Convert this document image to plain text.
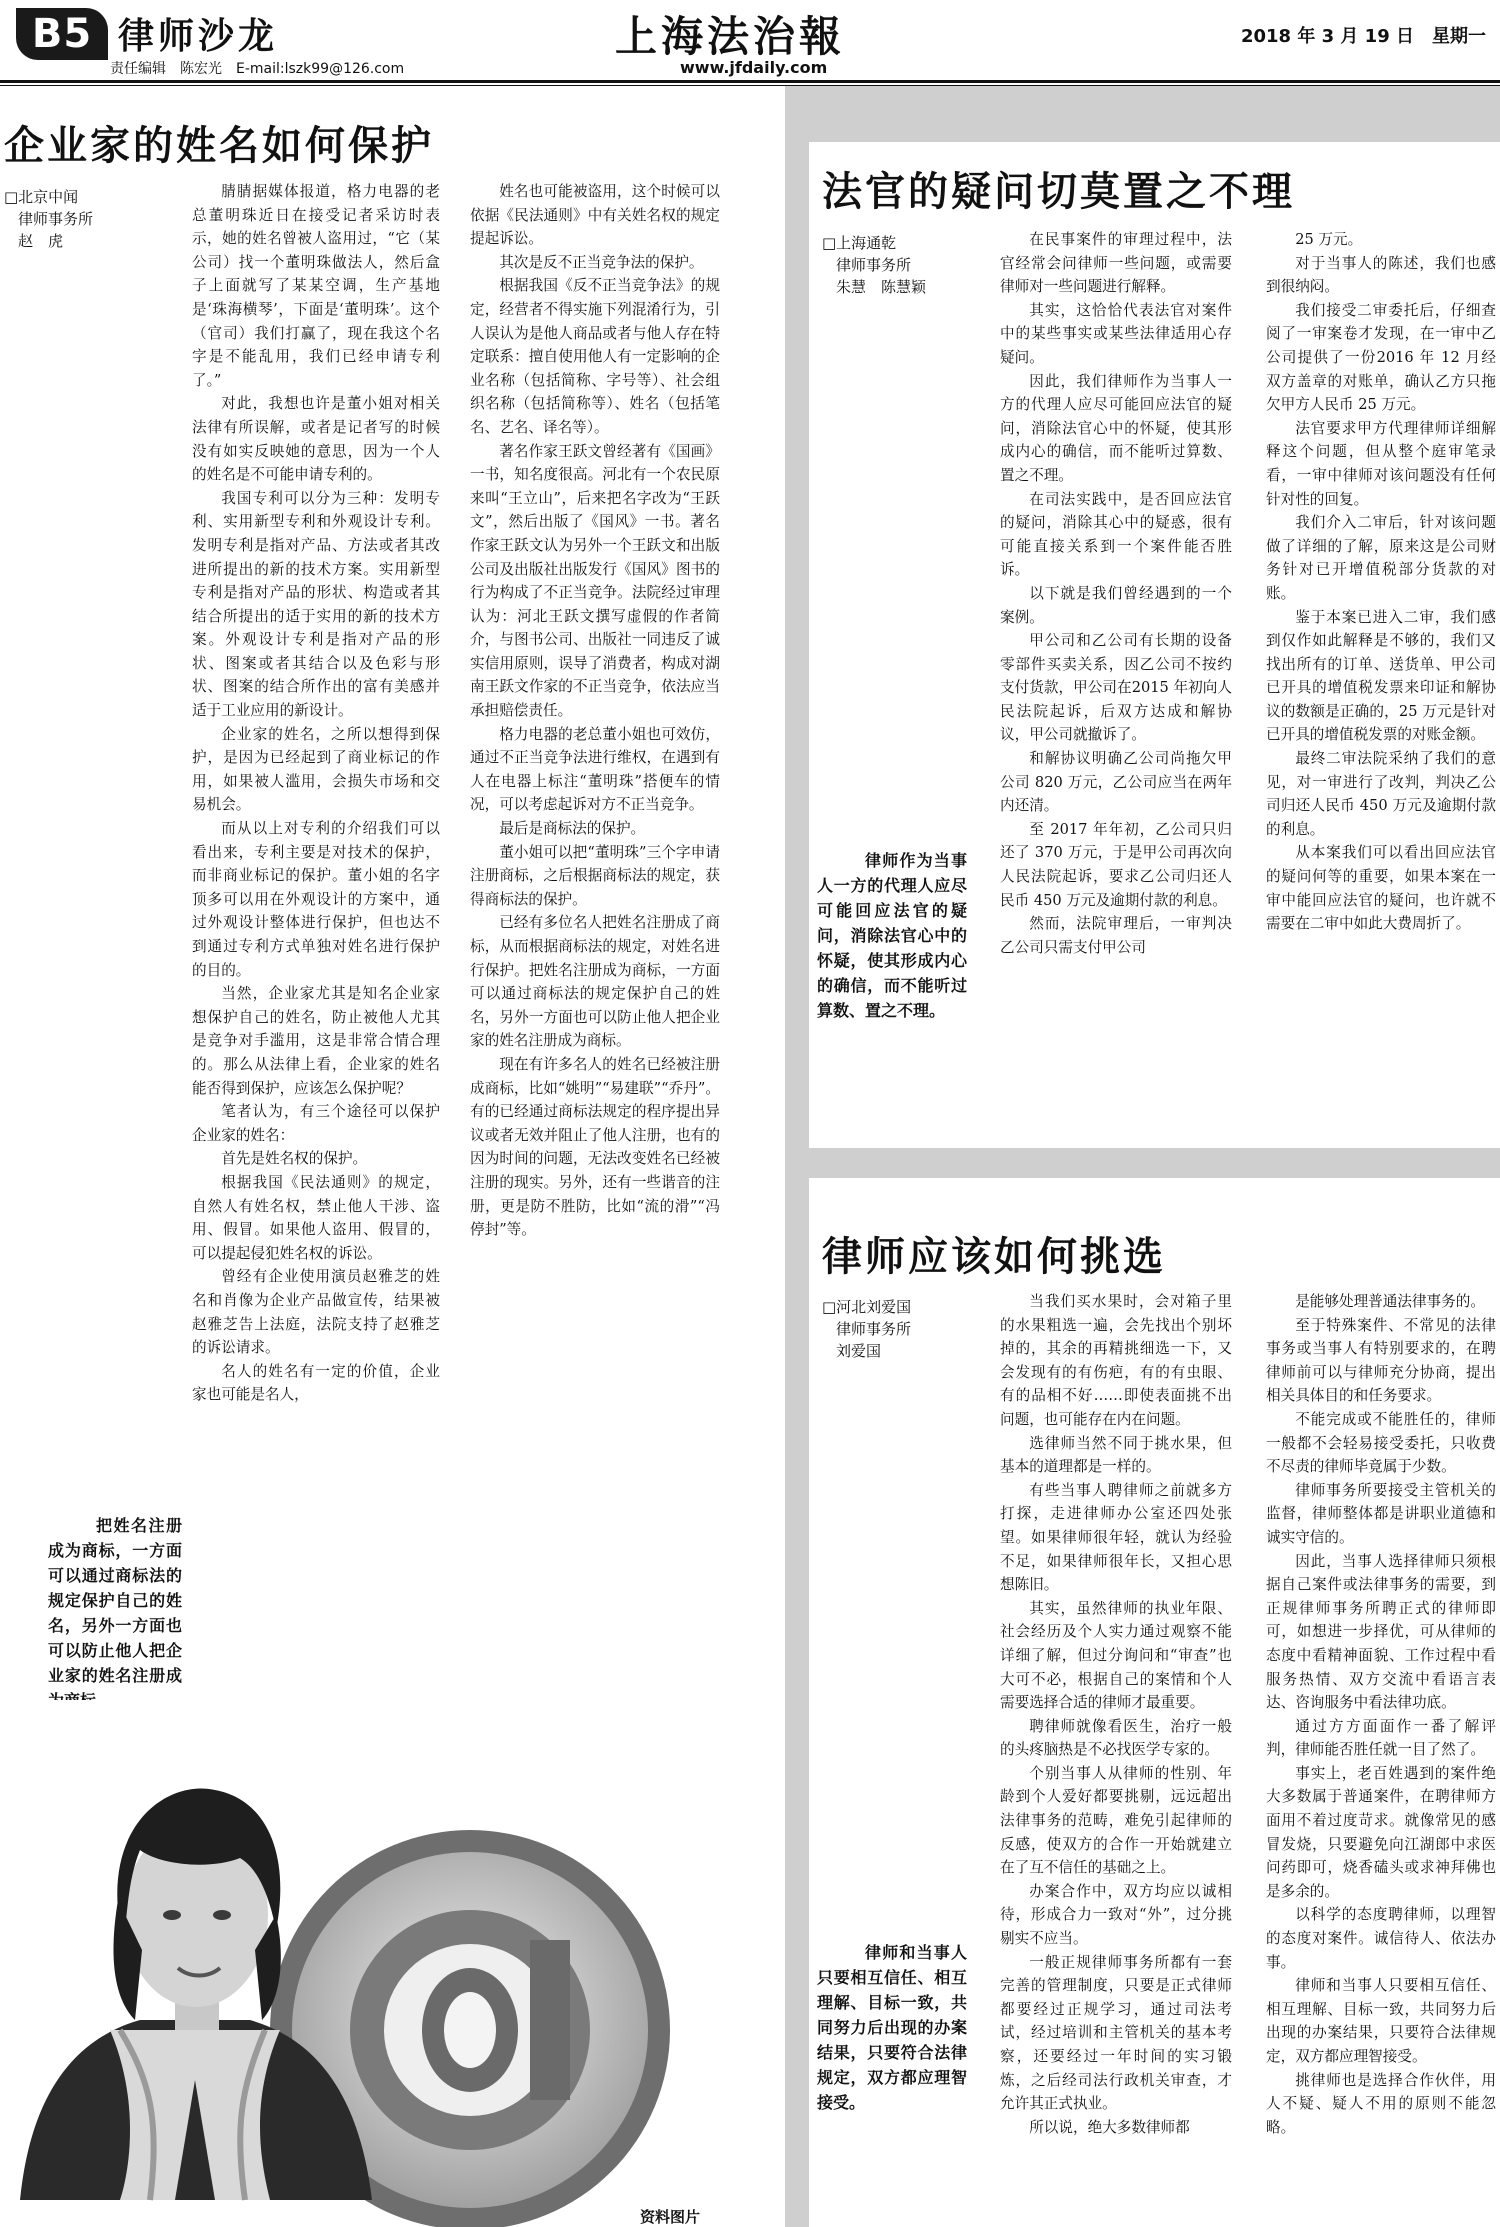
B5 律师沙龙
责任编辑　陈宏光　E-mail:lszk99@126.com
上海法治報
www.jfdaily.com
2018 年 3 月 19 日　星期一
企业家的姓名如何保护
□北京中闻
律师事务所
赵　虎
把姓名注册成为商标，一方面可以通过商标法的规定保护自己的姓名，另外一方面也可以防止他人把企业家的姓名注册成

腈腈据媒体报道，格力电器的老总董明珠近日在接受记者采访时表示，她的姓名曾被人盗用过，“它（某公司）找一个董明珠做法人，然后盒子上面就写了某某空调，生产基地是‘珠海横琴’，下面是‘董明珠’。这个（官司）我们打赢了，现在我这个名字是不能乱用，我们已经申请专利了。”

对此，我想也许是董小姐对相关法律有所误解，或者是记者写的时候没有如实反映她的意思，因为一个人的姓名是不可能申请专利的。

我国专利可以分为三种：发明专利、实用新型专利和外观设计专利。发明专利是指对产品、方法或者其改进所提出的新的技术方案。实用新型专利是指对产品的形状、构造或者其结合所提出的适于实用的新的技术方案。外观设计专利是指对产品的形状、图案或者其结合以及色彩与形状、图案的结合所作出的富有美感并适于工业应用的新设计。

企业家的姓名，之所以想得到保护，是因为已经起到了商业标记的作用，如果被人滥用，会损失市场和交易机会。

而从以上对专利的介绍我们可以看出来，专利主要是对技术的保护，而非商业标记的保护。董小姐的名字顶多可以用在外观设计的方案中，通过外观设计整体进行保护，但也达不到通过专利方式单独对姓名进行保护的目的。

当然，企业家尤其是知名企业家想保护自己的姓名，防止被他人尤其是竞争对手滥用，这是非常合情合理的。那么从法律上看，企业家的姓名能否得到保护，应该怎么保护呢？

笔者认为，有三个途径可以保护企业家的姓名：

首先是姓名权的保护。

根据我国《民法通则》的规定，自然人有姓名权，禁止他人干涉、盗用、假冒。如果他人盗用、假冒的，可以提起侵犯姓名权的诉讼。

曾经有企业使用演员赵雅芝的姓名和肖像为企业产品做宣传，结果被赵雅芝告上法庭，法院支持了赵雅芝的诉讼请求。

名人的姓名有一定的价值，企业家也可能是名人，

姓名也可能被盗用，这个时候可以依据《民法通则》中有关姓名权的规定提起诉讼。

其次是反不正当竞争法的保护。

根据我国《反不正当竞争法》的规定，经营者不得实施下列混淆行为，引人误认为是他人商品或者与他人存在特定联系：擅自使用他人有一定影响的企业名称（包括简称、字号等）、社会组织名称（包括简称等）、姓名（包括笔名、艺名、译名等）。

著名作家王跃文曾经著有《国画》一书，知名度很高。河北有一个农民原来叫“王立山”，后来把名字改为“王跃文”，然后出版了《国风》一书。著名作家王跃文认为另外一个王跃文和出版公司及出版社出版发行《国风》图书的行为构成了不正当竞争。法院经过审理认为：河北王跃文撰写虚假的作者简介，与图书公司、出版社一同违反了诚实信用原则，误导了消费者，构成对湖南王跃文作家的不正当竞争，依法应当承担赔偿责任。

格力电器的老总董小姐也可效仿，通过不正当竞争法进行维权，在遇到有人在电器上标注“董明珠”搭便车的情况，可以考虑起诉对方不正当竞争。

最后是商标法的保护。

董小姐可以把“董明珠”三个字申请注册商标，之后根据商标法的规定，获得商标法的保护。

已经有多位名人把姓名注册成了商标，从而根据商标法的规定，对姓名进行保护。把姓名注册成为商标，一方面可以通过商标法的规定保护自己的姓名，另外一方面也可以防止他人把企业家的姓名注册成为商标。

现在有许多名人的姓名已经被注册成商标，比如“姚明”“易建联”“乔丹”。有的已经通过商标法规定的程序提出异议或者无效并阻止了他人注册，也有的因为时间的问题，无法改变姓名已经被注册的现实。另外，还有一些谐音的注册，更是防不胜防，比如“流的滑”“冯停封”等。

资料图片
法官的疑问切莫置之不理
□上海通乾
律师事务所
朱慧　陈慧颖
律师作为当事人一方的代理人应尽可能回应法官的疑问，消除法官心中的怀疑，使其形成内心的确信，而不能听过算数、置之不理。

在民事案件的审理过程中，法官经常会问律师一些问题，或需要律师对一些问题进行解释。

其实，这恰恰代表法官对案件中的某些事实或某些法律适用心存疑问。

因此，我们律师作为当事人一方的代理人应尽可能回应法官的疑问，消除法官心中的怀疑，使其形成内心的确信，而不能听过算数、置之不理。

在司法实践中，是否回应法官的疑问，消除其心中的疑惑，很有可能直接关系到一个案件能否胜诉。

以下就是我们曾经遇到的一个案例。

甲公司和乙公司有长期的设备零部件买卖关系，因乙公司不按约支付货款，甲公司在2015 年初向人民法院起诉，后双方达成和解协议，甲公司就撤诉了。

和解协议明确乙公司尚拖欠甲公司 820 万元，乙公司应当在两年内还清。

至 2017 年年初，乙公司只归还了 370 万元，于是甲公司再次向人民法院起诉，要求乙公司归还人民币 450 万元及逾期付款的利息。

然而，法院审理后，一审判决乙公司只需支付甲公司

25 万元。

对于当事人的陈述，我们也感到很纳闷。

我们接受二审委托后，仔细查阅了一审案卷才发现，在一审中乙公司提供了一份2016 年 12 月经双方盖章的对账单，确认乙方只拖欠甲方人民币 25 万元。

法官要求甲方代理律师详细解释这个问题，但从整个庭审笔录看，一审中律师对该问题没有任何针对性的回复。

我们介入二审后，针对该问题做了详细的了解，原来这是公司财务针对已开增值税部分货款的对账。

鉴于本案已进入二审，我们感到仅作如此解释是不够的，我们又找出所有的订单、送货单、甲公司已开具的增值税发票来印证和解协议的数额是正确的，25 万元是针对已开具的增值税发票的对账金额。

最终二审法院采纳了我们的意见，对一审进行了改判，判决乙公司归还人民币 450 万元及逾期付款的利息。

从本案我们可以看出回应法官的疑问何等的重要，如果本案在一审中能回应法官的疑问，也许就不需要在二审中如此大费周折了。

律师应该如何挑选
□河北刘爱国
律师事务所
刘爱国
律师和当事人只要相互信任、相互理解、目标一致，共同努力后出现的办案结果，只要符合法律规定，双方都应理智接受。

当我们买水果时，会对箱子里的水果粗选一遍，会先找出个别坏掉的，其余的再精挑细选一下，又会发现有的有伤疤，有的有虫眼、有的品相不好……即使表面挑不出问题，也可能存在内在问题。

选律师当然不同于挑水果，但基本的道理都是一样的。

有些当事人聘律师之前就多方打探，走进律师办公室还四处张望。如果律师很年轻，就认为经验不足，如果律师很年长，又担心思想陈旧。

其实，虽然律师的执业年限、社会经历及个人实力通过观察不能详细了解，但过分询问和“审查”也大可不必，根据自己的案情和个人需要选择合适的律师才最重要。

聘律师就像看医生，治疗一般的头疼脑热是不必找医学专家的。

个别当事人从律师的性别、年龄到个人爱好都要挑剔，远远超出法律事务的范畴，难免引起律师的反感，使双方的合作一开始就建立在了互不信任的基础之上。

办案合作中，双方均应以诚相待，形成合力一致对“外”，过分挑剔实不应当。

一般正规律师事务所都有一套完善的管理制度，只要是正式律师都要经过正规学习，通过司法考试，经过培训和主管机关的基本考察，还要经过一年时间的实习锻炼，之后经司法行政机关审查，才允许其正式执业。

所以说，绝大多数律师都

是能够处理普通法律事务的。

至于特殊案件、不常见的法律事务或当事人有特别要求的，在聘律师前可以与律师充分协商，提出相关具体目的和任务要求。

不能完成或不能胜任的，律师一般都不会轻易接受委托，只收费不尽责的律师毕竟属于少数。

律师事务所要接受主管机关的监督，律师整体都是讲职业道德和诚实守信的。

因此，当事人选择律师只须根据自己案件或法律事务的需要，到正规律师事务所聘正式的律师即可，如想进一步择优，可从律师的态度中看精神面貌、工作过程中看服务热情、双方交流中看语言表达、咨询服务中看法律功底。

通过方方面面作一番了解评判，律师能否胜任就一目了然了。

事实上，老百姓遇到的案件绝大多数属于普通案件，在聘律师方面用不着过度苛求。就像常见的感冒发烧，只要避免向江湖郎中求医问药即可，烧香磕头或求神拜佛也是多余的。

以科学的态度聘律师，以理智的态度对案件。诚信待人、依法办事。

律师和当事人只要相互信任、相互理解、目标一致，共同努力后出现的办案结果，只要符合法律规定，双方都应理智接受。

挑律师也是选择合作伙伴，用人不疑、疑人不用的原则不能忽略。
